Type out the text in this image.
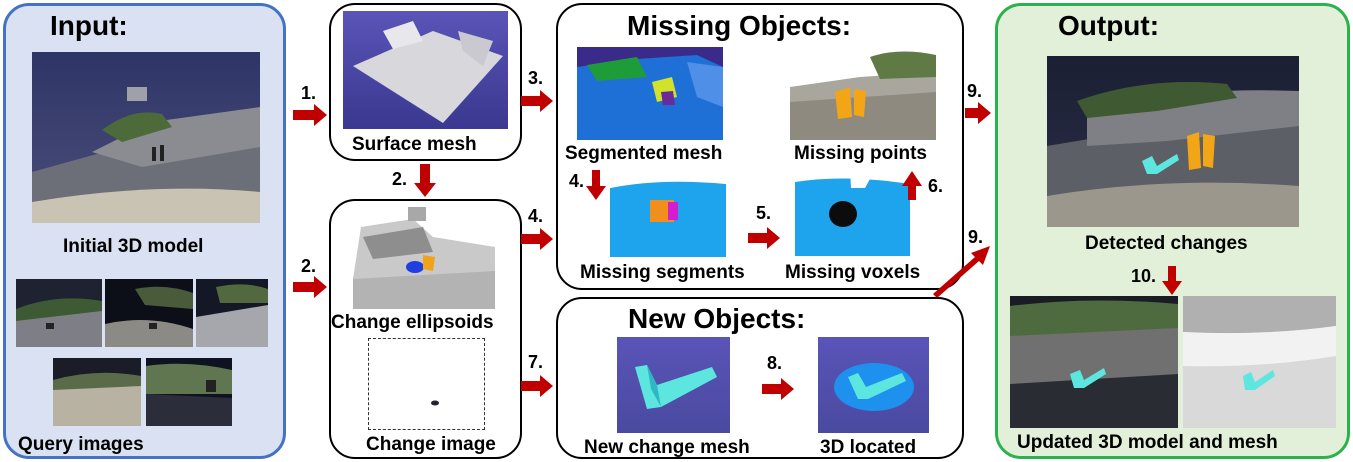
Input:
Initial 3D model
Query images
Surface mesh
Change ellipsoids
Change image
Missing Objects:
Segmented mesh	Missing points
Missing segments Missing voxels
New Objects:
New change mesh	3D located
Output:
Detected changes
Updated 3D model and mesh
1.
2.
2.
3.
4.
4.
5.
6.
7.	8.
9.
9.
10.
